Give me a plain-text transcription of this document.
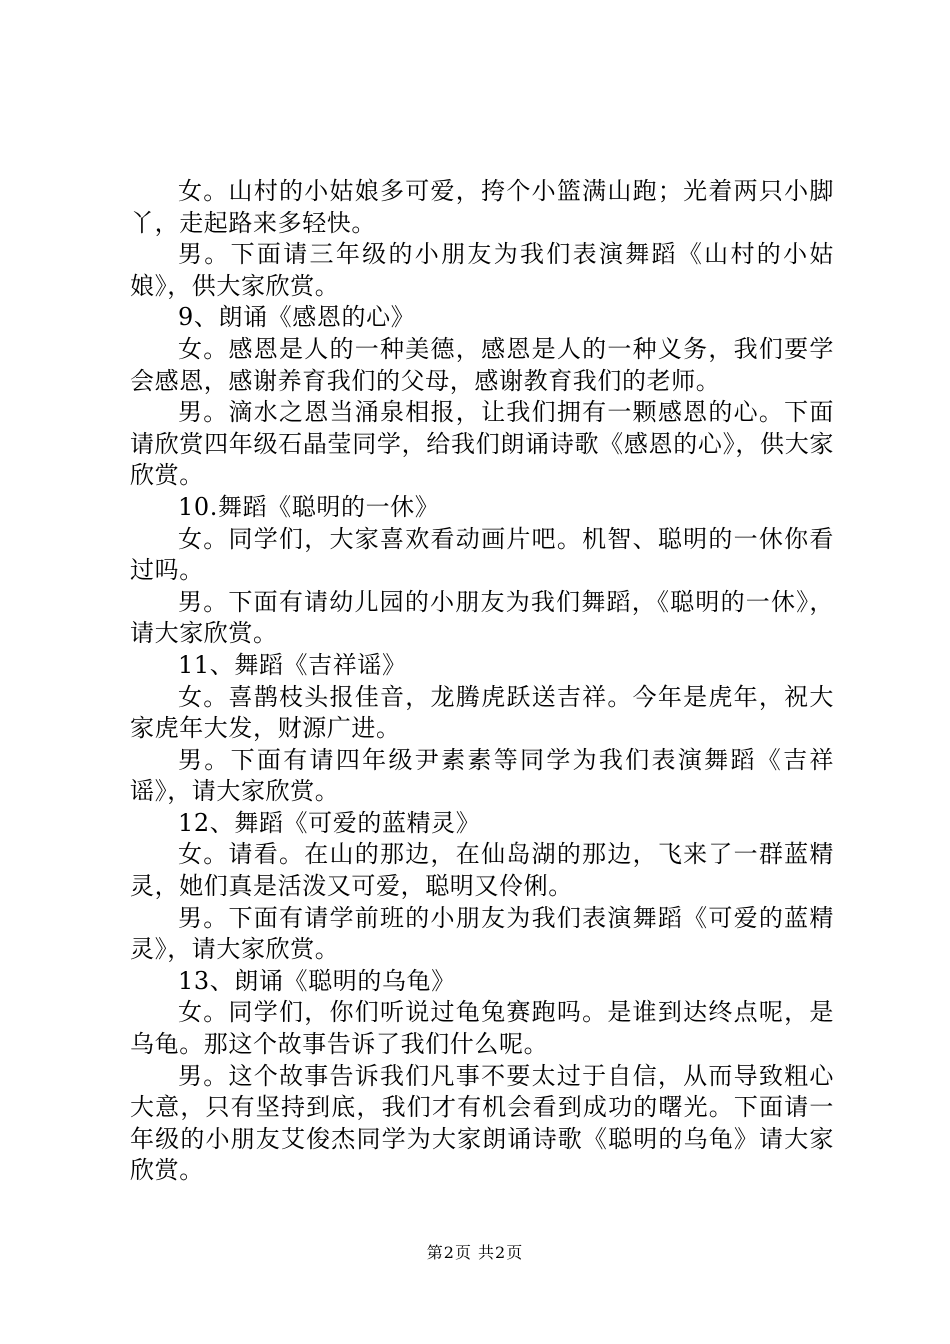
女。山村的小姑娘多可爱，挎个小篮满山跑；光着两只小脚丫，走起路来多轻快。

男。下面请三年级的小朋友为我们表演舞蹈《山村的小姑娘》，供大家欣赏。

9、朗诵《感恩的心》

女。感恩是人的一种美德，感恩是人的一种义务，我们要学会感恩，感谢养育我们的父母，感谢教育我们的老师。

男。滴水之恩当涌泉相报，让我们拥有一颗感恩的心。下面请欣赏四年级石晶莹同学，给我们朗诵诗歌《感恩的心》，供大家欣赏。

10.舞蹈《聪明的一休》

女。同学们，大家喜欢看动画片吧。机智、聪明的一休你看过吗。

男。下面有请幼儿园的小朋友为我们舞蹈，《聪明的一休》，请大家欣赏。

11、舞蹈《吉祥谣》

女。喜鹊枝头报佳音，龙腾虎跃送吉祥。今年是虎年，祝大家虎年大发，财源广进。

男。下面有请四年级尹素素等同学为我们表演舞蹈《吉祥谣》，请大家欣赏。

12、舞蹈《可爱的蓝精灵》

女。请看。在山的那边，在仙岛湖的那边，飞来了一群蓝精灵，她们真是活泼又可爱，聪明又伶俐。

男。下面有请学前班的小朋友为我们表演舞蹈《可爱的蓝精灵》，请大家欣赏。

13、朗诵《聪明的乌龟》

女。同学们，你们听说过龟兔赛跑吗。是谁到达终点呢，是乌龟。那这个故事告诉了我们什么呢。

男。这个故事告诉我们凡事不要太过于自信，从而导致粗心大意，只有坚持到底，我们才有机会看到成功的曙光。下面请一年级的小朋友艾俊杰同学为大家朗诵诗歌《聪明的乌龟》请大家欣赏。

第2页 共2页
